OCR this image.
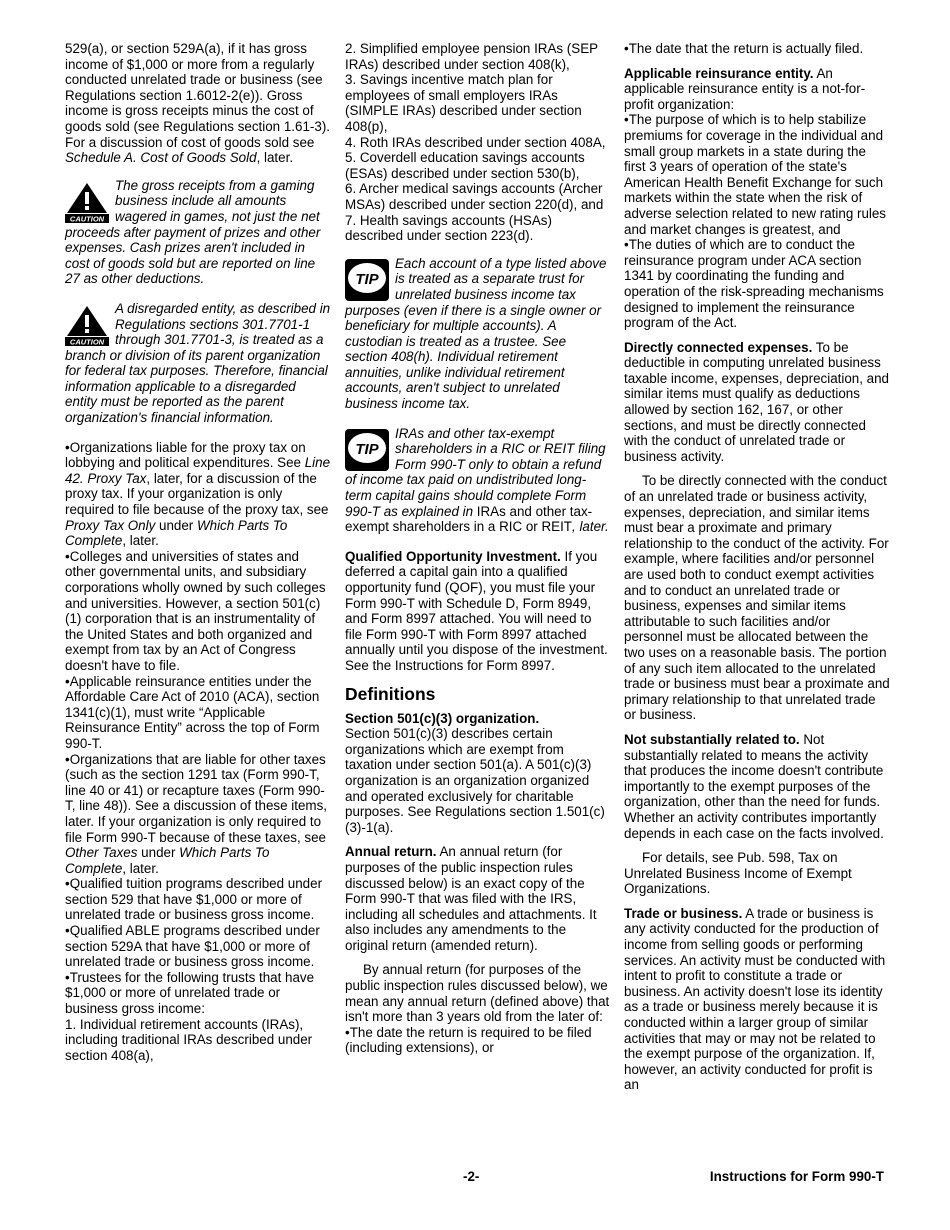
529(a), or section 529A(a), if it has gross income of $1,000 or more from a regularly conducted unrelated trade or business (see Regulations section 1.6012-2(e)). Gross income is gross receipts minus the cost of goods sold (see Regulations section 1.61-3). For a discussion of cost of goods sold see Schedule A. Cost of Goods Sold, later.

CAUTION
The gross receipts from a gaming business include all amounts wagered in games, not just the net proceeds after payment of prizes and other expenses. Cash prizes aren't included in cost of goods sold but are reported on line 27 as other deductions.
CAUTION
A disregarded entity, as described in Regulations sections 301.7701-1 through 301.7701-3, is treated as a branch or division of its parent organization for federal tax purposes. Therefore, financial information applicable to a disregarded entity must be reported as the parent organization's financial information.

•Organizations liable for the proxy tax on lobbying and political expenditures. See Line 42. Proxy Tax, later, for a discussion of the proxy tax. If your organization is only required to file because of the proxy tax, see Proxy Tax Only under Which Parts To Complete, later.

•Colleges and universities of states and other governmental units, and subsidiary corporations wholly owned by such colleges and universities. However, a section 501(c)(1) corporation that is an instrumentality of the United States and both organized and exempt from tax by an Act of Congress doesn't have to file.

•Applicable reinsurance entities under the Affordable Care Act of 2010 (ACA), section 1341(c)(1), must write “Applicable Reinsurance Entity” across the top of Form 990-T.

•Organizations that are liable for other taxes (such as the section 1291 tax (Form 990-T, line 40 or 41) or recapture taxes (Form 990-T, line 48)). See a discussion of these items, later. If your organization is only required to file Form 990-T because of these taxes, see Other Taxes under Which Parts To Complete, later.

•Qualified tuition programs described under section 529 that have $1,000 or more of unrelated trade or business gross income.

•Qualified ABLE programs described under section 529A that have $1,000 or more of unrelated trade or business gross income.

•Trustees for the following trusts that have $1,000 or more of unrelated trade or business gross income:

1. Individual retirement accounts (IRAs), including traditional IRAs described under section 408(a),

2. Simplified employee pension IRAs (SEP IRAs) described under section 408(k),

3. Savings incentive match plan for employees of small employers IRAs (SIMPLE IRAs) described under section 408(p),

4. Roth IRAs described under section 408A,

5. Coverdell education savings accounts (ESAs) described under section 530(b),

6. Archer medical savings accounts (Archer MSAs) described under section 220(d), and

7. Health savings accounts (HSAs) described under section 223(d).

TIP
Each account of a type listed above is treated as a separate trust for unrelated business income tax purposes (even if there is a single owner or beneficiary for multiple accounts). A custodian is treated as a trustee. See section 408(h). Individual retirement annuities, unlike individual retirement accounts, aren't subject to unrelated business income tax.
TIP
IRAs and other tax-exempt shareholders in a RIC or REIT filing Form 990-T only to obtain a refund of income tax paid on undistributed long-term capital gains should complete Form 990-T as explained in IRAs and other tax-exempt shareholders in a RIC or REIT, later.

Qualified Opportunity Investment. If you deferred a capital gain into a qualified opportunity fund (QOF), you must file your Form 990-T with Schedule D, Form 8949, and Form 8997 attached. You will need to file Form 990-T with Form 8997 attached annually until you dispose of the investment. See the Instructions for Form 8997.

Definitions

Section 501(c)(3) organization.

Section 501(c)(3) describes certain organizations which are exempt from taxation under section 501(a). A 501(c)(3) organization is an organization organized and operated exclusively for charitable purposes. See Regulations section 1.501(c)(3)-1(a).

Annual return. An annual return (for purposes of the public inspection rules discussed below) is an exact copy of the Form 990-T that was filed with the IRS, including all schedules and attachments. It also includes any amendments to the original return (amended return).

By annual return (for purposes of the public inspection rules discussed below), we mean any annual return (defined above) that isn't more than 3 years old from the later of:

•The date the return is required to be filed (including extensions), or

•The date that the return is actually filed.

Applicable reinsurance entity. An applicable reinsurance entity is a not-for-profit organization:

•The purpose of which is to help stabilize premiums for coverage in the individual and small group markets in a state during the first 3 years of operation of the state's American Health Benefit Exchange for such markets within the state when the risk of adverse selection related to new rating rules and market changes is greatest, and

•The duties of which are to conduct the reinsurance program under ACA section 1341 by coordinating the funding and operation of the risk-spreading mechanisms designed to implement the reinsurance program of the Act.

Directly connected expenses. To be deductible in computing unrelated business taxable income, expenses, depreciation, and similar items must qualify as deductions allowed by section 162, 167, or other sections, and must be directly connected with the conduct of unrelated trade or business activity.

To be directly connected with the conduct of an unrelated trade or business activity, expenses, depreciation, and similar items must bear a proximate and primary relationship to the conduct of the activity. For example, where facilities and/or personnel are used both to conduct exempt activities and to conduct an unrelated trade or business, expenses and similar items attributable to such facilities and/or personnel must be allocated between the two uses on a reasonable basis. The portion of any such item allocated to the unrelated trade or business must bear a proximate and primary relationship to that unrelated trade or business.

Not substantially related to. Not substantially related to means the activity that produces the income doesn't contribute importantly to the exempt purposes of the organization, other than the need for funds. Whether an activity contributes importantly depends in each case on the facts involved.

For details, see Pub. 598, Tax on Unrelated Business Income of Exempt Organizations.

Trade or business. A trade or business is any activity conducted for the production of income from selling goods or performing services. An activity must be conducted with intent to profit to constitute a trade or business. An activity doesn't lose its identity as a trade or business merely because it is conducted within a larger group of similar activities that may or may not be related to the exempt purpose of the organization. If, however, an activity conducted for profit is an

-2-	Instructions for Form 990-T
